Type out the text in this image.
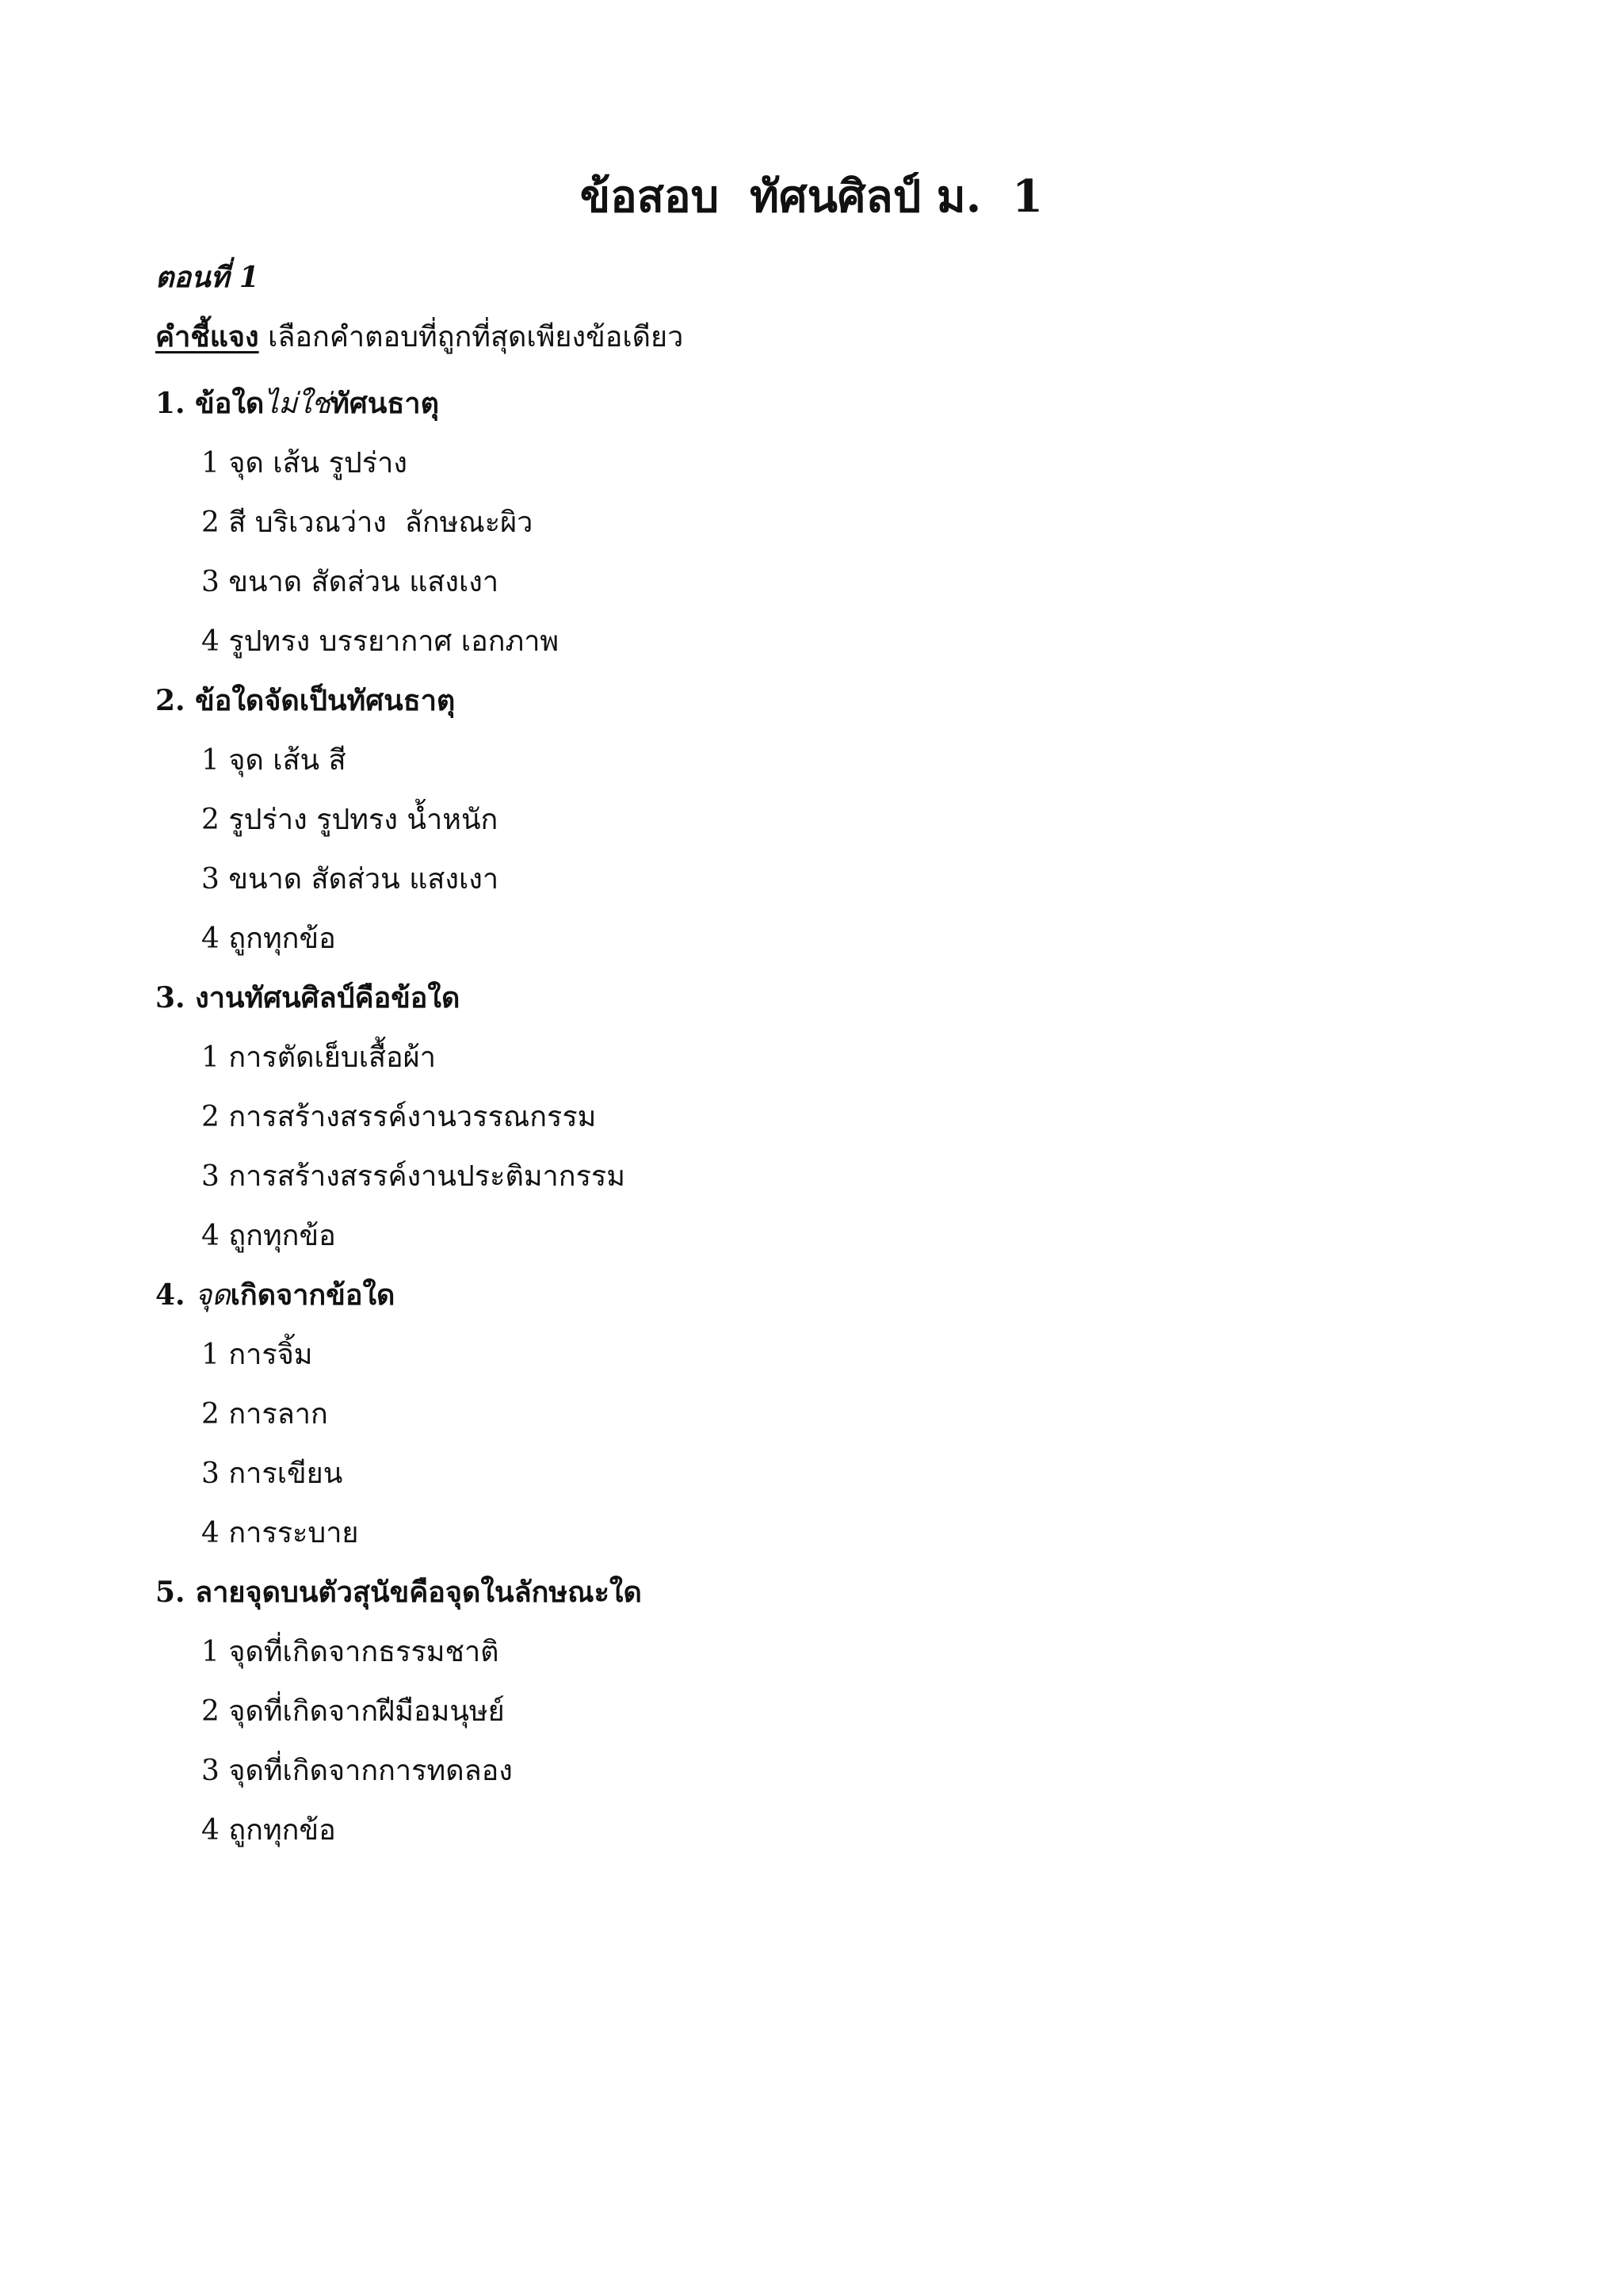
ข้อสอบ  ทัศนศิลป์ ม.  1
ตอนที่ 1
คำชี้แจง เลือกคำตอบที่ถูกที่สุดเพียงข้อเดียว
1. ข้อใดไม่ใช่ทัศนธาตุ
1 จุด เส้น รูปร่าง
2 สี บริเวณว่าง  ลักษณะผิว
3 ขนาด สัดส่วน แสงเงา
4 รูปทรง บรรยากาศ เอกภาพ
2. ข้อใดจัดเป็นทัศนธาตุ
1 จุด เส้น สี
2 รูปร่าง รูปทรง น้ำหนัก
3 ขนาด สัดส่วน แสงเงา
4 ถูกทุกข้อ
3. งานทัศนศิลป์คือข้อใด
1 การตัดเย็บเสื้อผ้า
2 การสร้างสรรค์งานวรรณกรรม
3 การสร้างสรรค์งานประติมากรรม
4 ถูกทุกข้อ
4. จุดเกิดจากข้อใด
1 การจิ้ม
2 การลาก
3 การเขียน
4 การระบาย
5. ลายจุดบนตัวสุนัขคือจุดในลักษณะใด
1 จุดที่เกิดจากธรรมชาติ
2 จุดที่เกิดจากฝีมือมนุษย์
3 จุดที่เกิดจากการทดลอง
4 ถูกทุกข้อ
